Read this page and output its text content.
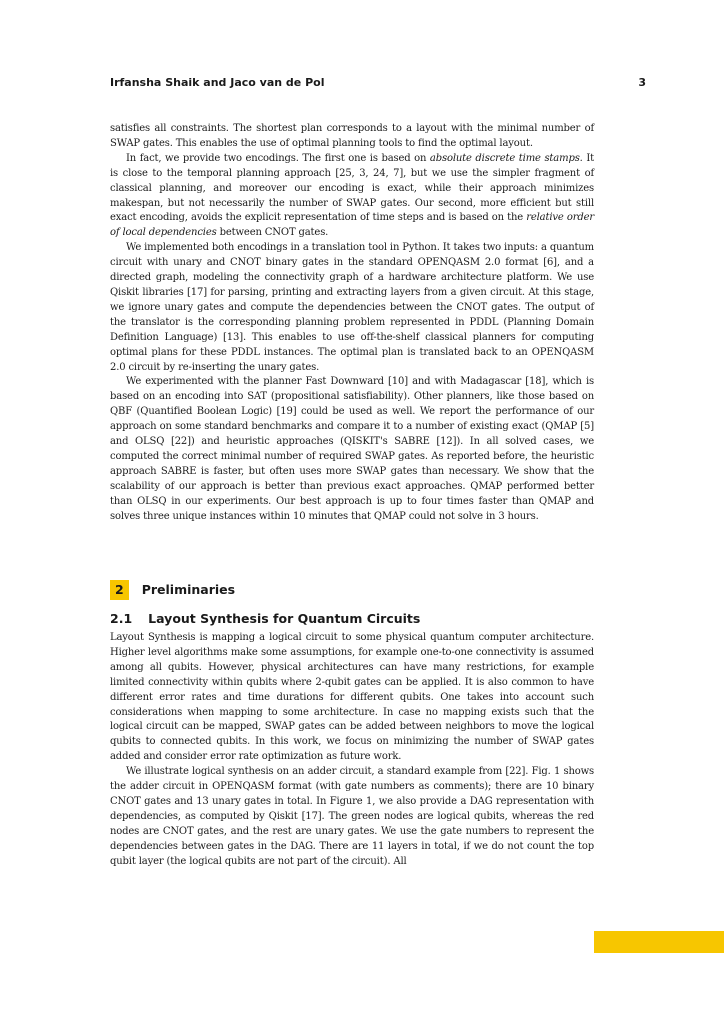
Irfansha Shaik and Jaco van de Pol	3

satisfies all constraints. The shortest plan corresponds to a layout with the minimal number of SWAP gates. This enables the use of optimal planning tools to find the optimal layout.

In fact, we provide two encodings. The first one is based on absolute discrete time stamps. It is close to the temporal planning approach [25, 3, 24, 7], but we use the simpler fragment of classical planning, and moreover our encoding is exact, while their approach minimizes makespan, but not necessarily the number of SWAP gates. Our second, more efficient but still exact encoding, avoids the explicit representation of time steps and is based on the relative order of local dependencies between CNOT gates.

We implemented both encodings in a translation tool in Python. It takes two inputs: a quantum circuit with unary and CNOT binary gates in the standard OPENQASM 2.0 format [6], and a directed graph, modeling the connectivity graph of a hardware architecture platform. We use Qiskit libraries [17] for parsing, printing and extracting layers from a given circuit. At this stage, we ignore unary gates and compute the dependencies between the CNOT gates. The output of the translator is the corresponding planning problem represented in PDDL (Planning Domain Definition Language) [13]. This enables to use off-the-shelf classical planners for computing optimal plans for these PDDL instances. The optimal plan is translated back to an OPENQASM 2.0 circuit by re-inserting the unary gates.

We experimented with the planner Fast Downward [10] and with Madagascar [18], which is based on an encoding into SAT (propositional satisfiability). Other planners, like those based on QBF (Quantified Boolean Logic) [19] could be used as well. We report the performance of our approach on some standard benchmarks and compare it to a number of existing exact (QMAP [5] and OLSQ [22]) and heuristic approaches (QISKIT's SABRE [12]). In all solved cases, we computed the correct minimal number of required SWAP gates. As reported before, the heuristic approach SABRE is faster, but often uses more SWAP gates than necessary. We show that the scalability of our approach is better than previous exact approaches. QMAP performed better than OLSQ in our experiments. Our best approach is up to four times faster than QMAP and solves three unique instances within 10 minutes that QMAP could not solve in 3 hours.

2 Preliminaries
2.1 Layout Synthesis for Quantum Circuits

Layout Synthesis is mapping a logical circuit to some physical quantum computer architecture. Higher level algorithms make some assumptions, for example one-to-one connectivity is assumed among all qubits. However, physical architectures can have many restrictions, for example limited connectivity within qubits where 2-qubit gates can be applied. It is also common to have different error rates and time durations for different qubits. One takes into account such considerations when mapping to some architecture. In case no mapping exists such that the logical circuit can be mapped, SWAP gates can be added between neighbors to move the logical qubits to connected qubits. In this work, we focus on minimizing the number of SWAP gates added and consider error rate optimization as future work.

We illustrate logical synthesis on an adder circuit, a standard example from [22]. Fig. 1 shows the adder circuit in OPENQASM format (with gate numbers as comments); there are 10 binary CNOT gates and 13 unary gates in total. In Figure 1, we also provide a DAG representation with dependencies, as computed by Qiskit [17]. The green nodes are logical qubits, whereas the red nodes are CNOT gates, and the rest are unary gates. We use the gate numbers to represent the dependencies between gates in the DAG. There are 11 layers in total, if we do not count the top qubit layer (the logical qubits are not part of the circuit). All
